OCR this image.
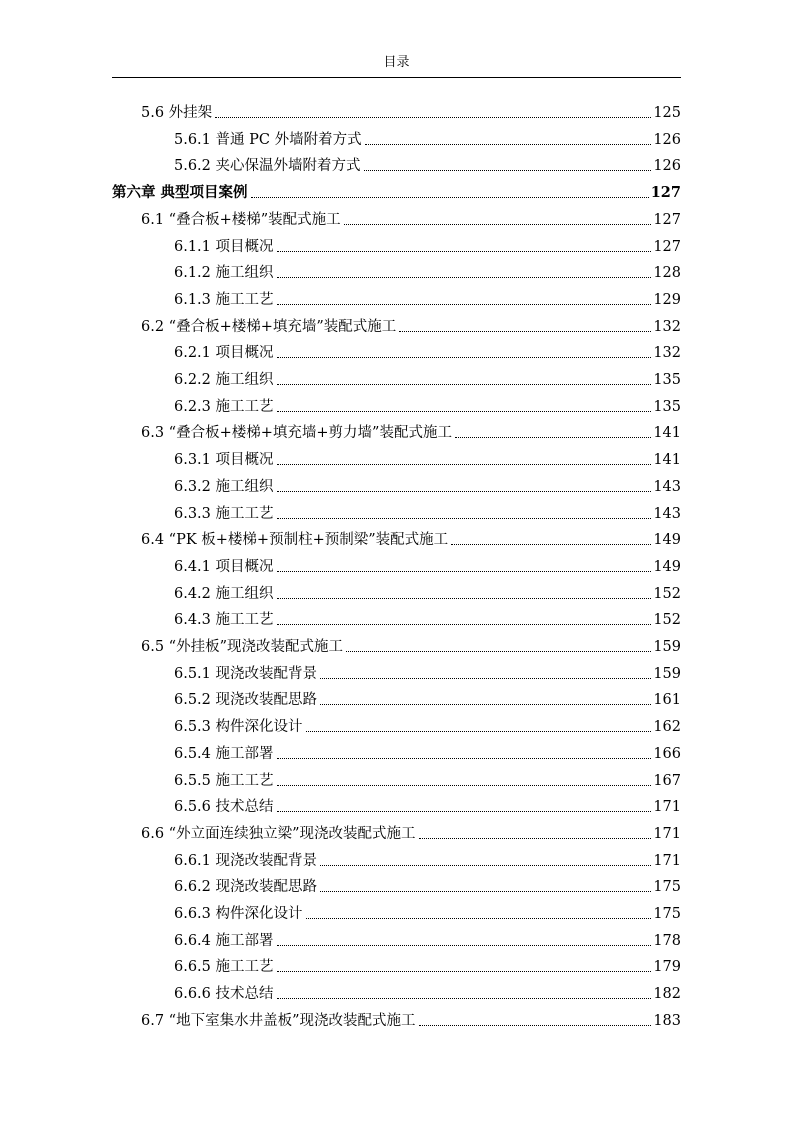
目录
5.6 外挂架	125
5.6.1 普通 PC 外墙附着方式	126
5.6.2 夹心保温外墙附着方式	126
第六章 典型项目案例	127
6.1 “叠合板+楼梯”装配式施工	127
6.1.1 项目概况	127
6.1.2 施工组织	128
6.1.3 施工工艺	129
6.2 “叠合板+楼梯+填充墙”装配式施工	132
6.2.1 项目概况	132
6.2.2 施工组织	135
6.2.3 施工工艺	135
6.3 “叠合板+楼梯+填充墙+剪力墙”装配式施工	141
6.3.1 项目概况	141
6.3.2 施工组织	143
6.3.3 施工工艺	143
6.4 “PK 板+楼梯+预制柱+预制梁”装配式施工	149
6.4.1 项目概况	149
6.4.2 施工组织	152
6.4.3 施工工艺	152
6.5 “外挂板”现浇改装配式施工	159
6.5.1 现浇改装配背景	159
6.5.2 现浇改装配思路	161
6.5.3 构件深化设计	162
6.5.4 施工部署	166
6.5.5 施工工艺	167
6.5.6 技术总结	171
6.6 “外立面连续独立梁”现浇改装配式施工	171
6.6.1 现浇改装配背景	171
6.6.2 现浇改装配思路	175
6.6.3 构件深化设计	175
6.6.4 施工部署	178
6.6.5 施工工艺	179
6.6.6 技术总结	182
6.7 “地下室集水井盖板”现浇改装配式施工	183
